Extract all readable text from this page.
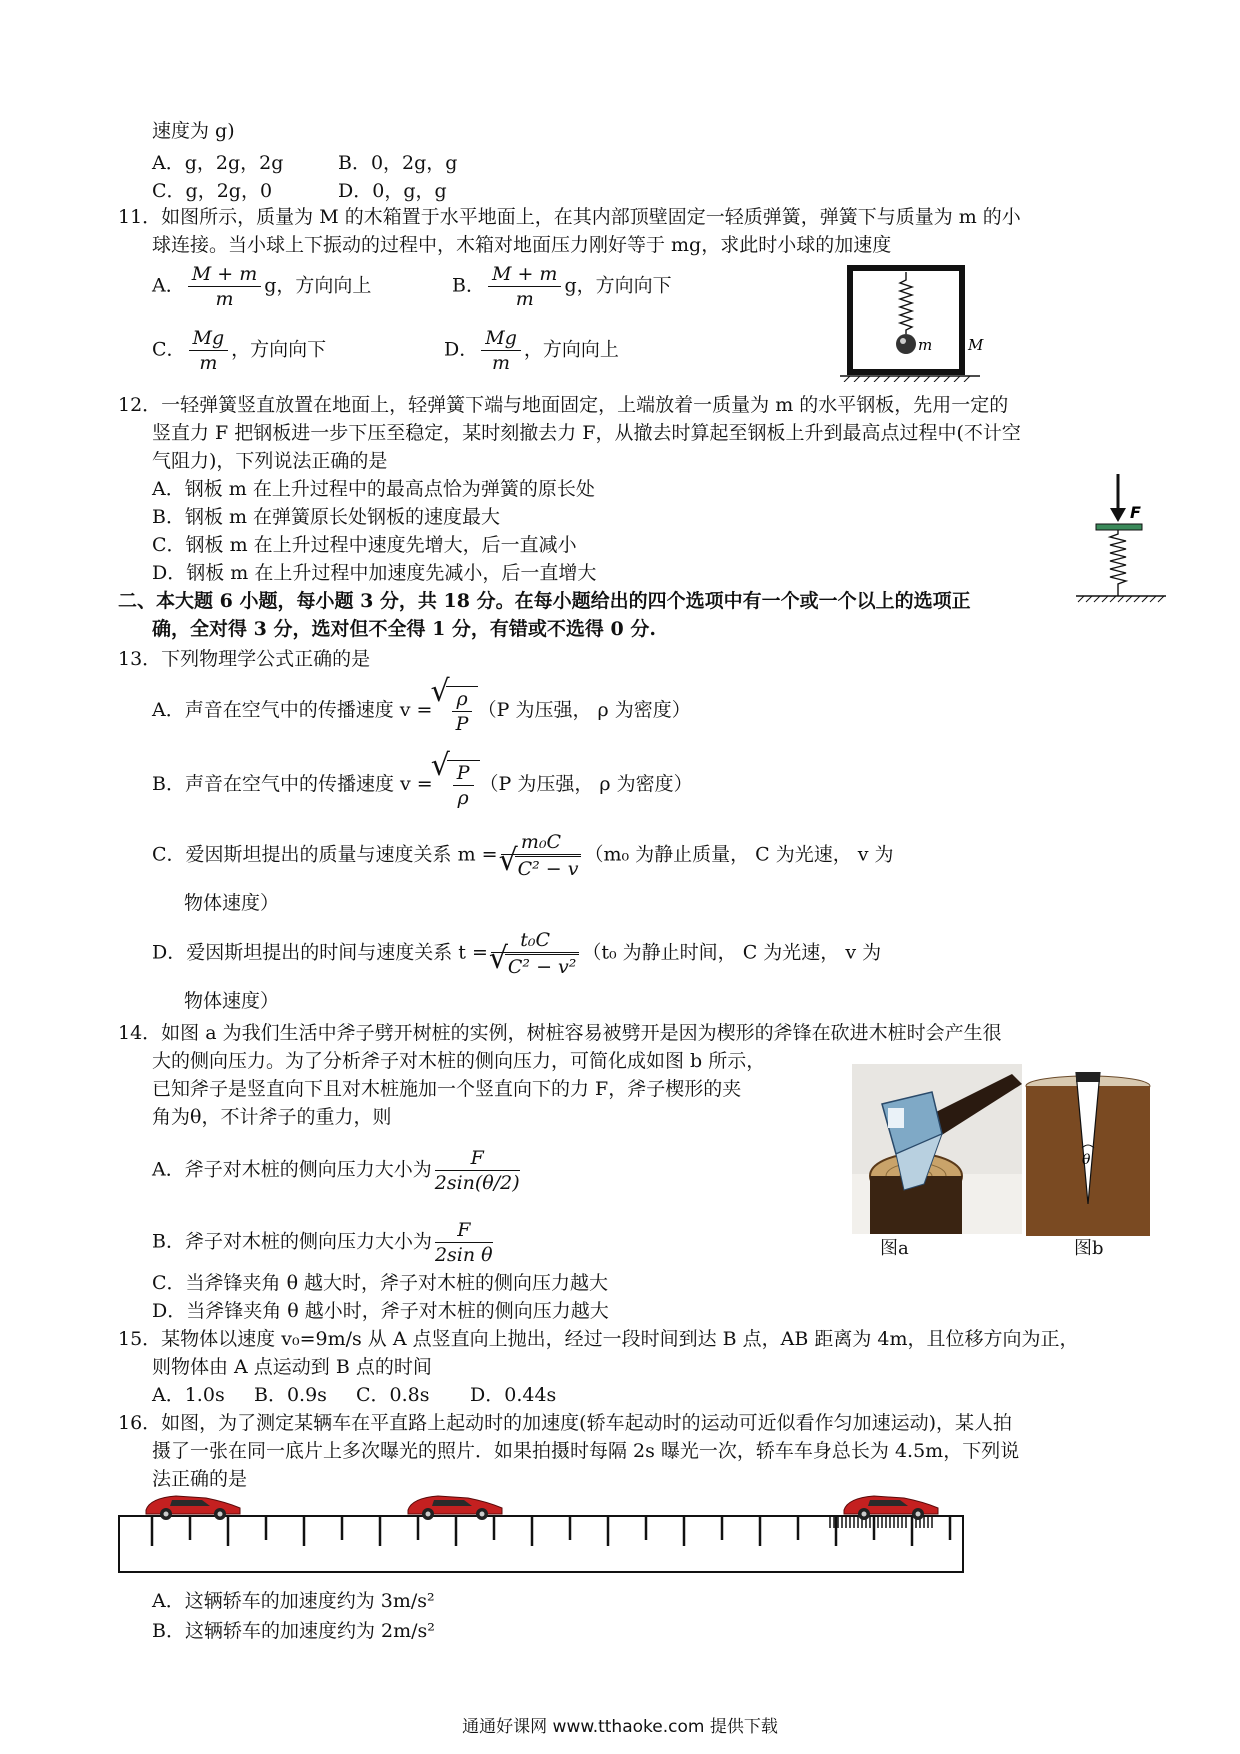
速度为 g)
A．g，2g，2g	B．0，2g，g
C．g，2g，0	D．0，g，g
11．如图所示，质量为 M 的木箱置于水平地面上，在其内部顶壁固定一轻质弹簧，弹簧下与质量为 m 的小
球连接。当小球上下振动的过程中，木箱对地面压力刚好等于 mg，求此时小球的加速度
A． $\frac{M + m}{m}$ g，方向向上	B． $\frac{M + m}{m}$ g，方向向下
C． $\frac{Mg}{m}$ ，方向向下	D． $\frac{Mg}{m}$ ，方向向上	m M
12．一轻弹簧竖直放置在地面上，轻弹簧下端与地面固定，上端放着一质量为 m 的水平钢板，先用一定的
竖直力 F 把钢板进一步下压至稳定，某时刻撤去力 F，从撤去时算起至钢板上升到最高点过程中(不计空
气阻力)，下列说法正确的是
A．钢板 m 在上升过程中的最高点恰为弹簧的原长处
B．钢板 m 在弹簧原长处钢板的速度最大
C．钢板 m 在上升过程中速度先增大，后一直减小
D．钢板 m 在上升过程中加速度先减小，后一直增大
F
二、本大题 6 小题，每小题 3 分，共 18 分。在每小题给出的四个选项中有一个或一个以上的选项正
确，全对得 3 分，选对但不全得 1 分，有错或不选得 0 分.
13．下列物理学公式正确的是
A．声音在空气中的传播速度 v = √ $\frac{\rho}{P} (P$ 为压强， ρ 为密度）
B．声音在空气中的传播速度 v = √ $\frac{P}{\rho} (P$ 为压强， ρ 为密度）
C．爱因斯坦提出的质量与速度关系 m = m₀C
√ C² − v （m₀ 为静止质量， C 为光速， v 为
物体速度）
D．爱因斯坦提出的时间与速度关系 t = t₀C
√ C² − v² （t₀ 为静止时间， C 为光速， v 为
物体速度）
14．如图 a 为我们生活中斧子劈开树桩的实例，树桩容易被劈开是因为楔形的斧锋在砍进木桩时会产生很
大的侧向压力。为了分析斧子对木桩的侧向压力，可简化成如图 b 所示，
已知斧子是竖直向下且对木桩施加一个竖直向下的力 F，斧子楔形的夹
角为θ，不计斧子的重力，则
A．斧子对木桩的侧向压力大小为 $\frac{F}{2\sin(\theta/2)}$
B．斧子对木桩的侧向压力大小为 $\frac{F}{\text{2sin θ}}$
C．当斧锋夹角 θ 越大时，斧子对木桩的侧向压力越大
D．当斧锋夹角 θ 越小时，斧子对木桩的侧向压力越大
图a
θ
图b
15．某物体以速度 v₀=9m/s 从 A 点竖直向上抛出，经过一段时间到达 B 点，AB 距离为 4m，且位移方向为正，
则物体由 A 点运动到 B 点的时间
A．1.0s B．0.9s C．0.8s D．0.44s
16．如图，为了测定某辆车在平直路上起动时的加速度(轿车起动时的运动可近似看作匀加速运动)，某人拍
摄了一张在同一底片上多次曝光的照片．如果拍摄时每隔 2s 曝光一次，轿车车身总长为 4.5m，下列说
法正确的是
A．这辆轿车的加速度约为 3m/s²
B．这辆轿车的加速度约为 2m/s²
通通好课网 www.tthaoke.com 提供下载
